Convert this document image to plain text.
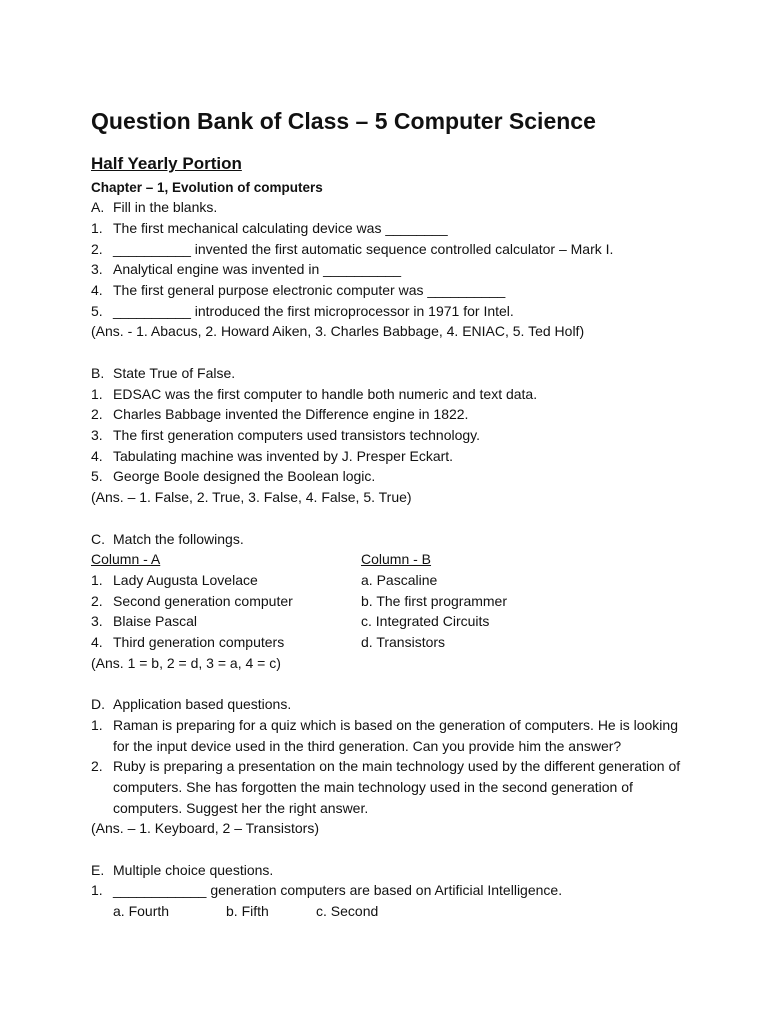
Question Bank of Class – 5 Computer Science
Half Yearly Portion
Chapter – 1, Evolution of computers
A. Fill in the blanks.
1. The first mechanical calculating device was ________
2. __________ invented the first automatic sequence controlled calculator – Mark I.
3. Analytical engine was invented in __________
4. The first general purpose electronic computer was __________
5. __________ introduced the first microprocessor in 1971 for Intel.
(Ans. - 1. Abacus, 2. Howard Aiken, 3. Charles Babbage, 4. ENIAC, 5. Ted Holf)
B. State True of False.
1. EDSAC was the first computer to handle both numeric and text data.
2. Charles Babbage invented the Difference engine in 1822.
3. The first generation computers used transistors technology.
4. Tabulating machine was invented by J. Presper Eckart.
5. George Boole designed the Boolean logic.
(Ans. – 1. False, 2. True, 3. False, 4. False, 5. True)
C. Match the followings.
Column - A	Column - B
1. Lady Augusta Lovelace	a. Pascaline
2. Second generation computer	b. The first programmer
3. Blaise Pascal	c. Integrated Circuits
4. Third generation computers	d. Transistors
(Ans. 1 = b, 2 = d, 3 = a, 4 = c)
D. Application based questions.
1. Raman is preparing for a quiz which is based on the generation of computers. He is looking
for the input device used in the third generation. Can you provide him the answer?
2. Ruby is preparing a presentation on the main technology used by the different generation of
computers. She has forgotten the main technology used in the second generation of
computers. Suggest her the right answer.
(Ans. – 1. Keyboard, 2 – Transistors)
E. Multiple choice questions.
1. ____________ generation computers are based on Artificial Intelligence.
a. Fourth	b. Fifth	c. Second
